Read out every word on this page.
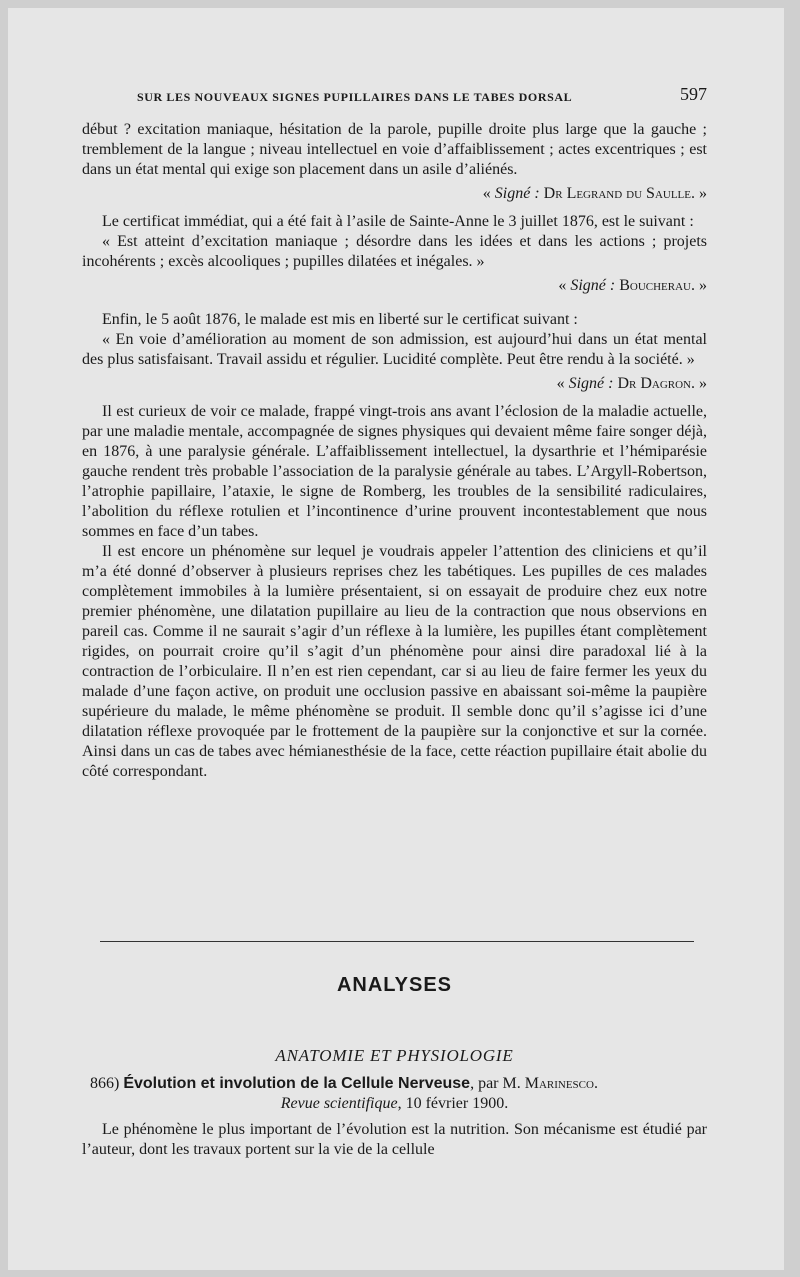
SUR LES NOUVEAUX SIGNES PUPILLAIRES DANS LE TABES DORSAL	597

début ? excitation maniaque, hésitation de la parole, pupille droite plus large que la gauche ; tremblement de la langue ; niveau intellectuel en voie d’affaiblissement ; actes excentriques ; est dans un état mental qui exige son placement dans un asile d’aliénés.

« Signé : Dr Legrand du Saulle. »

Le certificat immédiat, qui a été fait à l’asile de Sainte-Anne le 3 juillet 1876, est le suivant :

« Est atteint d’excitation maniaque ; désordre dans les idées et dans les actions ; projets incohérents ; excès alcooliques ; pupilles dilatées et inégales. »

« Signé : Boucherau. »

Enfin, le 5 août 1876, le malade est mis en liberté sur le certificat suivant :

« En voie d’amélioration au moment de son admission, est aujourd’hui dans un état mental des plus satisfaisant. Travail assidu et régulier. Lucidité complète. Peut être rendu à la société. »

« Signé : Dr Dagron. »

Il est curieux de voir ce malade, frappé vingt-trois ans avant l’éclosion de la maladie actuelle, par une maladie mentale, accompagnée de signes physiques qui devaient même faire songer déjà, en 1876, à une paralysie générale. L’affaiblissement intellectuel, la dysarthrie et l’hémiparésie gauche rendent très probable l’association de la paralysie générale au tabes. L’Argyll-Robertson, l’atrophie papillaire, l’ataxie, le signe de Romberg, les troubles de la sensibilité radiculaires, l’abolition du réflexe rotulien et l’incontinence d’urine prouvent incontestablement que nous sommes en face d’un tabes.

Il est encore un phénomène sur lequel je voudrais appeler l’attention des cliniciens et qu’il m’a été donné d’observer à plusieurs reprises chez les tabétiques. Les pupilles de ces malades complètement immobiles à la lumière présentaient, si on essayait de produire chez eux notre premier phénomène, une dilatation pupillaire au lieu de la contraction que nous observions en pareil cas. Comme il ne saurait s’agir d’un réflexe à la lumière, les pupilles étant complètement rigides, on pourrait croire qu’il s’agit d’un phénomène pour ainsi dire paradoxal lié à la contraction de l’orbiculaire. Il n’en est rien cependant, car si au lieu de faire fermer les yeux du malade d’une façon active, on produit une occlusion passive en abaissant soi-même la paupière supérieure du malade, le même phénomène se produit. Il semble donc qu’il s’agisse ici d’une dilatation réflexe provoquée par le frottement de la paupière sur la conjonctive et sur la cornée. Ainsi dans un cas de tabes avec hémianesthésie de la face, cette réaction pupillaire était abolie du côté correspondant.

ANALYSES
ANATOMIE ET PHYSIOLOGIE
866) Évolution et involution de la Cellule Nerveuse, par M. Marinesco.
Revue scientifique, 10 février 1900.

Le phénomène le plus important de l’évolution est la nutrition. Son mécanisme est étudié par l’auteur, dont les travaux portent sur la vie de la cellule
